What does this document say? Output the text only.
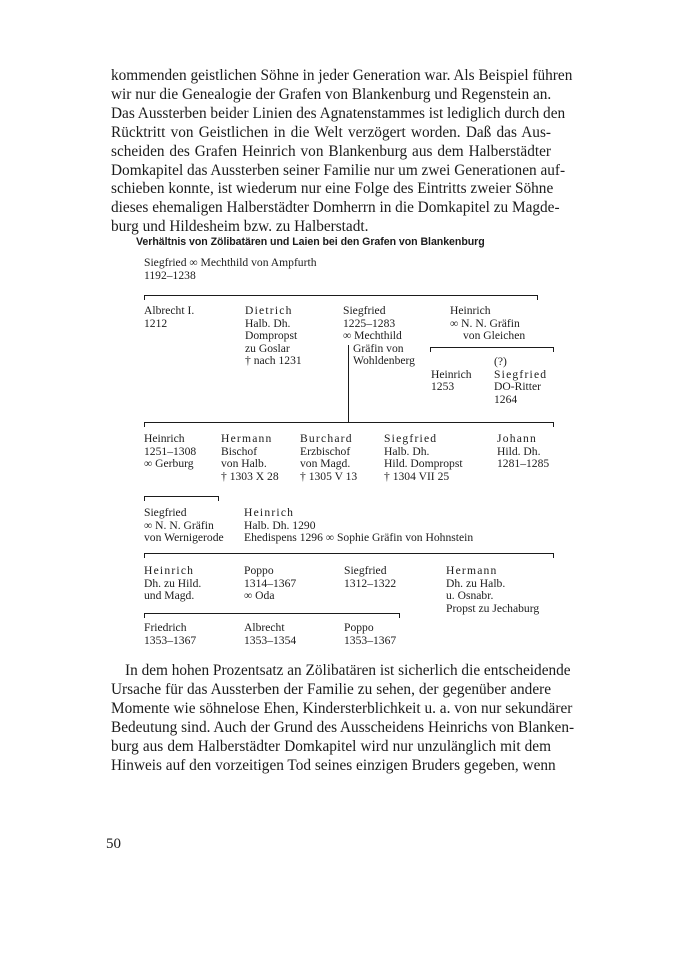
kommenden geistlichen Söhne in jeder Generation war. Als Beispiel führen
wir nur die Genealogie der Grafen von Blankenburg und Regenstein an.
Das Aussterben beider Linien des Agnatenstammes ist lediglich durch den
Rücktritt von Geistlichen in die Welt verzögert worden. Daß das Aus-
scheiden des Grafen Heinrich von Blankenburg aus dem Halberstädter
Domkapitel das Aussterben seiner Familie nur um zwei Generationen auf-
schieben konnte, ist wiederum nur eine Folge des Eintritts zweier Söhne
dieses ehemaligen Halberstädter Domherrn in die Domkapitel zu Magde-
burg und Hildesheim bzw. zu Halberstadt.

Verhältnis von Zölibatären und Laien bei den Grafen von Blankenburg
Siegfried ∞ Mechthild von Ampfurth
1192–1238
Albrecht I.
1212
Dietrich
Halb. Dh.
Dompropst
zu Goslar
† nach 1231
Siegfried
1225–1283
∞ Mechthild
Gräfin von
Wohldenberg
Heinrich
∞ N. N. Gräfin
von Gleichen
(?)
Heinrich
1253
Siegfried
DO-Ritter
1264
Heinrich
1251–1308
∞ Gerburg
Hermann
Bischof
von Halb.
† 1303 X 28
Burchard
Erzbischof
von Magd.
† 1305 V 13
Siegfried
Halb. Dh.
Hild. Dompropst
† 1304 VII 25
Johann
Hild. Dh.
1281–1285
Siegfried
∞ N. N. Gräfin
von Wernigerode
Heinrich
Halb. Dh. 1290
Ehedispens 1296 ∞ Sophie Gräfin von Hohnstein
Heinrich
Dh. zu Hild.
und Magd.
Poppo
1314–1367
∞ Oda
Siegfried
1312–1322
Hermann
Dh. zu Halb.
u. Osnabr.
Propst zu Jechaburg
Friedrich
1353–1367
Albrecht
1353–1354
Poppo
1353–1367

In dem hohen Prozentsatz an Zölibatären ist sicherlich die entscheidende
Ursache für das Aussterben der Familie zu sehen, der gegenüber andere
Momente wie söhnelose Ehen, Kindersterblichkeit u. a. von nur sekundärer
Bedeutung sind. Auch der Grund des Ausscheidens Heinrichs von Blanken-
burg aus dem Halberstädter Domkapitel wird nur unzulänglich mit dem
Hinweis auf den vorzeitigen Tod seines einzigen Bruders gegeben, wenn

50
